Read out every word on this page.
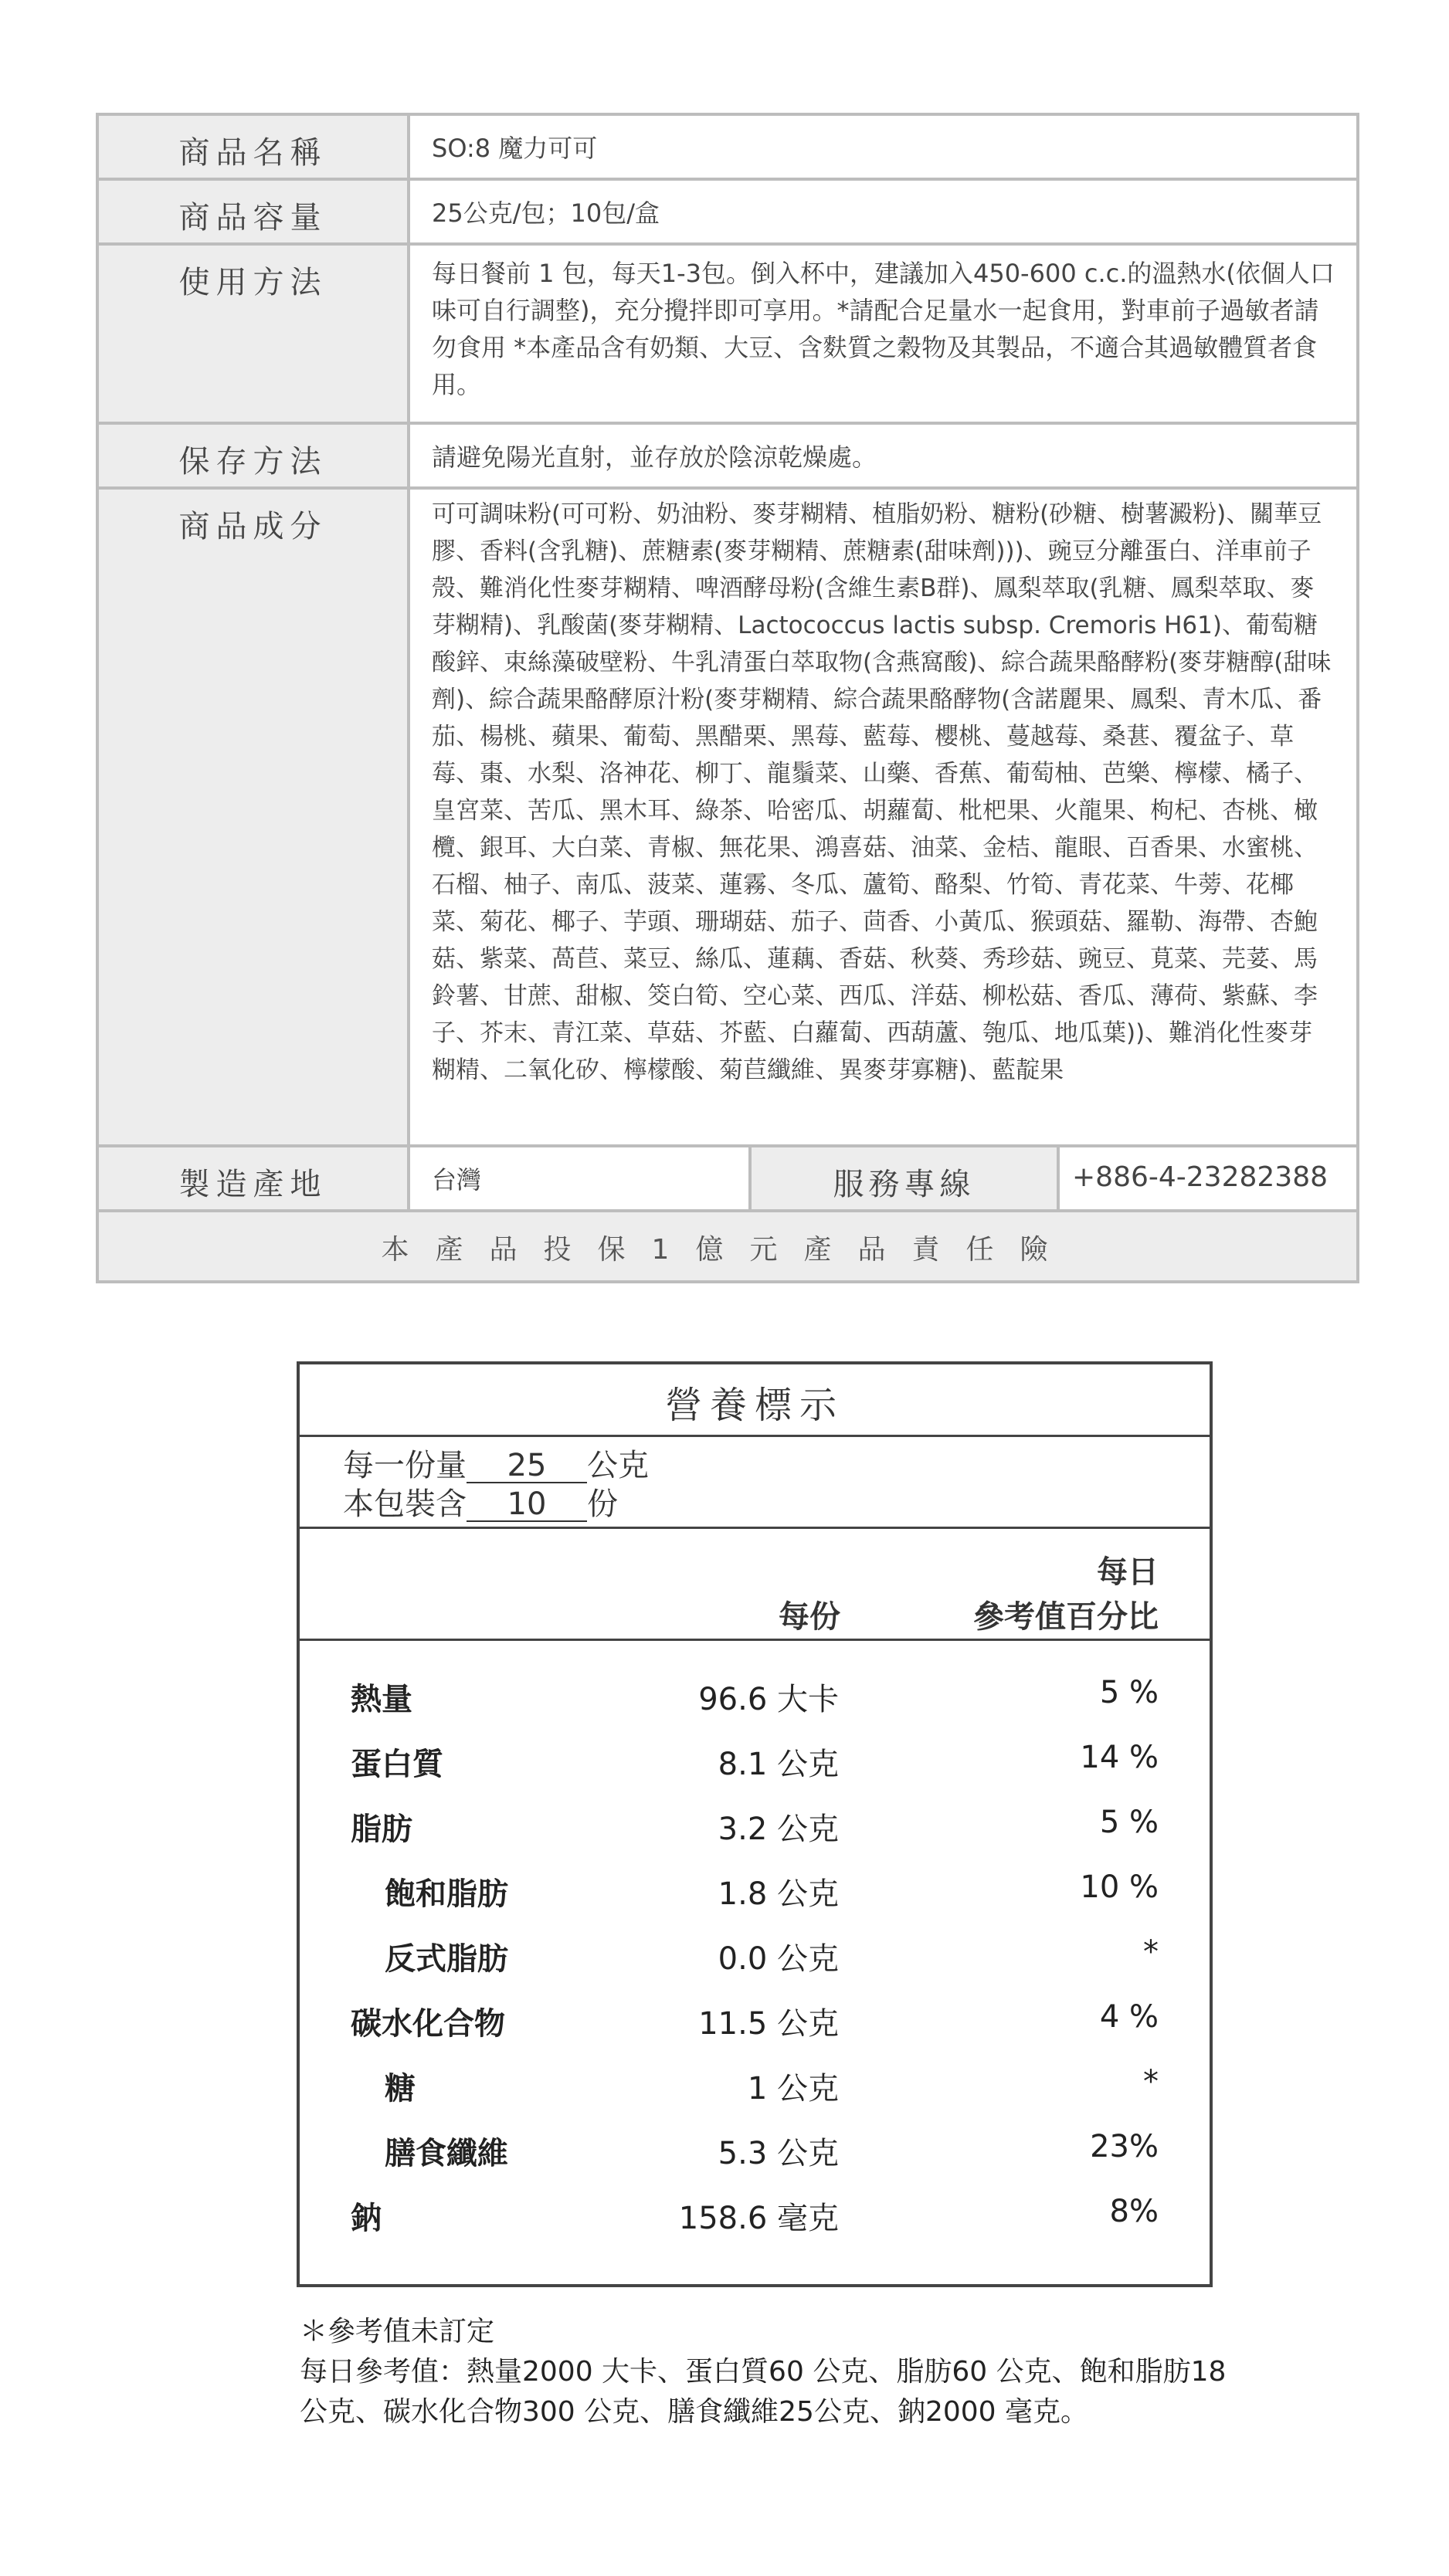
商品名稱	SO:8 魔力可可
商品容量	25公克/包；10包/盒
使用方法	每日餐前 1 包，每天1-3包。倒入杯中，建議加入450-600 c.c.的溫熱水(依個人口味可自行調整)，充分攪拌即可享用。*請配合足量水一起食用，對車前子過敏者請勿食用 *本產品含有奶類、大豆、含麩質之穀物及其製品，不適合其過敏體質者食用。
保存方法	請避免陽光直射，並存放於陰涼乾燥處。
商品成分	可可調味粉(可可粉、奶油粉、麥芽糊精、植脂奶粉、糖粉(砂糖、樹薯澱粉)、關華豆膠、香料(含乳糖)、蔗糖素(麥芽糊精、蔗糖素(甜味劑)))、豌豆分離蛋白、洋車前子殼、難消化性麥芽糊精、啤酒酵母粉(含維生素B群)、鳳梨萃取(乳糖、鳳梨萃取、麥芽糊精)、乳酸菌(麥芽糊精、Lactococcus lactis subsp. Cremoris H61)、葡萄糖酸鋅、束絲藻破壁粉、牛乳清蛋白萃取物(含燕窩酸)、綜合蔬果酪酵粉(麥芽糖醇(甜味劑)、綜合蔬果酪酵原汁粉(麥芽糊精、綜合蔬果酪酵物(含諾麗果、鳳梨、青木瓜、番茄、楊桃、蘋果、葡萄、黑醋栗、黑莓、藍莓、櫻桃、蔓越莓、桑葚、覆盆子、草莓、棗、水梨、洛神花、柳丁、龍鬚菜、山藥、香蕉、葡萄柚、芭樂、檸檬、橘子、皇宮菜、苦瓜、黑木耳、綠茶、哈密瓜、胡蘿蔔、枇杷果、火龍果、枸杞、杏桃、橄欖、銀耳、大白菜、青椒、無花果、鴻喜菇、油菜、金桔、龍眼、百香果、水蜜桃、石榴、柚子、南瓜、菠菜、蓮霧、冬瓜、蘆筍、酪梨、竹筍、青花菜、牛蒡、花椰菜、菊花、椰子、芋頭、珊瑚菇、茄子、茴香、小黃瓜、猴頭菇、羅勒、海帶、杏鮑菇、紫菜、萵苣、菜豆、絲瓜、蓮藕、香菇、秋葵、秀珍菇、豌豆、莧菜、芫荽、馬鈴薯、甘蔗、甜椒、筊白筍、空心菜、西瓜、洋菇、柳松菇、香瓜、薄荷、紫蘇、李子、芥末、青江菜、草菇、芥藍、白蘿蔔、西葫蘆、匏瓜、地瓜葉))、難消化性麥芽糊精、二氧化矽、檸檬酸、菊苣纖維、異麥芽寡糖)、藍靛果
製造產地	台灣	服務專線	+886-4-23282388
本產品投保1億元產品責任險
營養標示
每一份量 25 公克
本包裝含 10 份
每份
每日
參考值百分比
熱量	96.6 大卡	5 %
蛋白質	8.1 公克	14 %
脂肪	3.2 公克	5 %
飽和脂肪	1.8 公克	10 %
反式脂肪	0.0 公克	*
碳水化合物	11.5 公克	4 %
糖	1 公克	*
膳食纖維	5.3 公克	23%
鈉	158.6 毫克	8%
＊參考值未訂定
每日參考值：熱量2000 大卡、蛋白質60 公克、脂肪60 公克、飽和脂肪18 公克、碳水化合物300 公克、膳食纖維25公克、鈉2000 毫克。
